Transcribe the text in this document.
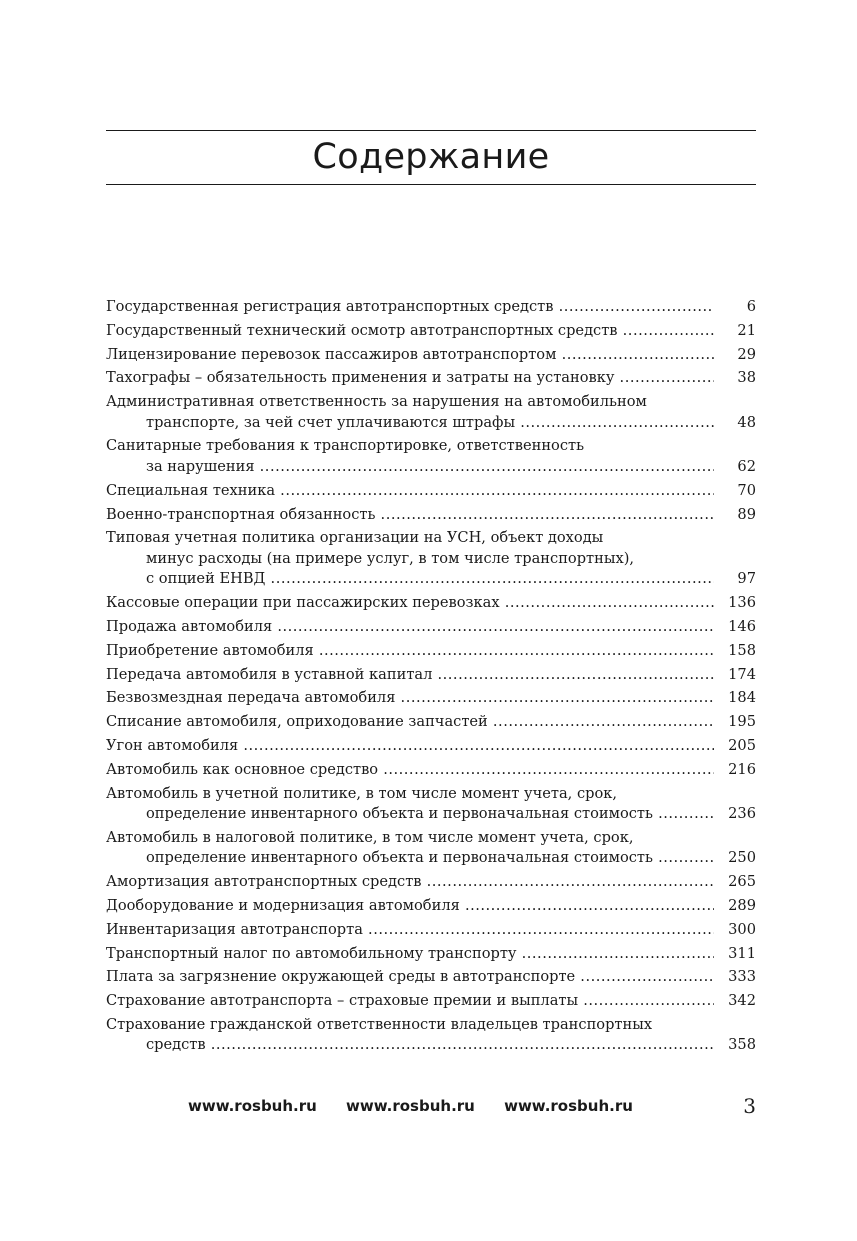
Содержание
Государственная регистрация автотранспортных средств .....	6
Государственный технический осмотр автотранспортных средств .....	21
Лицензирование перевозок пассажиров автотранспортом .....	29
Тахографы – обязательность применения и затраты на установку .....	38
Административная ответственность за нарушения на автомобильном
транспорте, за чей счет уплачиваются штрафы .....	48
Санитарные требования к транспортировке, ответственность
за нарушения .....	62
Специальная техника .....	70
Военно-транспортная обязанность .....	89
Типовая учетная политика организации на УСН, объект доходы
минус расходы (на примере услуг, в том числе транспортных),
с опцией ЕНВД .....	97
Кассовые операции при пассажирских перевозках .....	136
Продажа автомобиля .....	146
Приобретение автомобиля .....	158
Передача автомобиля в уставной капитал .....	174
Безвозмездная передача автомобиля .....	184
Списание автомобиля, оприходование запчастей .....	195
Угон автомобиля .....	205
Автомобиль как основное средство .....	216
Автомобиль в учетной политике, в том числе момент учета, срок,
определение инвентарного объекта и первоначальная стоимость .....	236
Автомобиль в налоговой политике, в том числе момент учета, срок,
определение инвентарного объекта и первоначальная стоимость .....	250
Амортизация автотранспортных средств .....	265
Дооборудование и модернизация автомобиля .....	289
Инвентаризация автотранспорта .....	300
Транспортный налог по автомобильному транспорту .....	311
Плата за загрязнение окружающей среды в автотранспорте .....	333
Страхование автотранспорта – страховые премии и выплаты .....	342
Страхование гражданской ответственности владельцев транспортных
средств .....	358
www.rosbuh.ru www.rosbuh.ru www.rosbuh.ru	3
